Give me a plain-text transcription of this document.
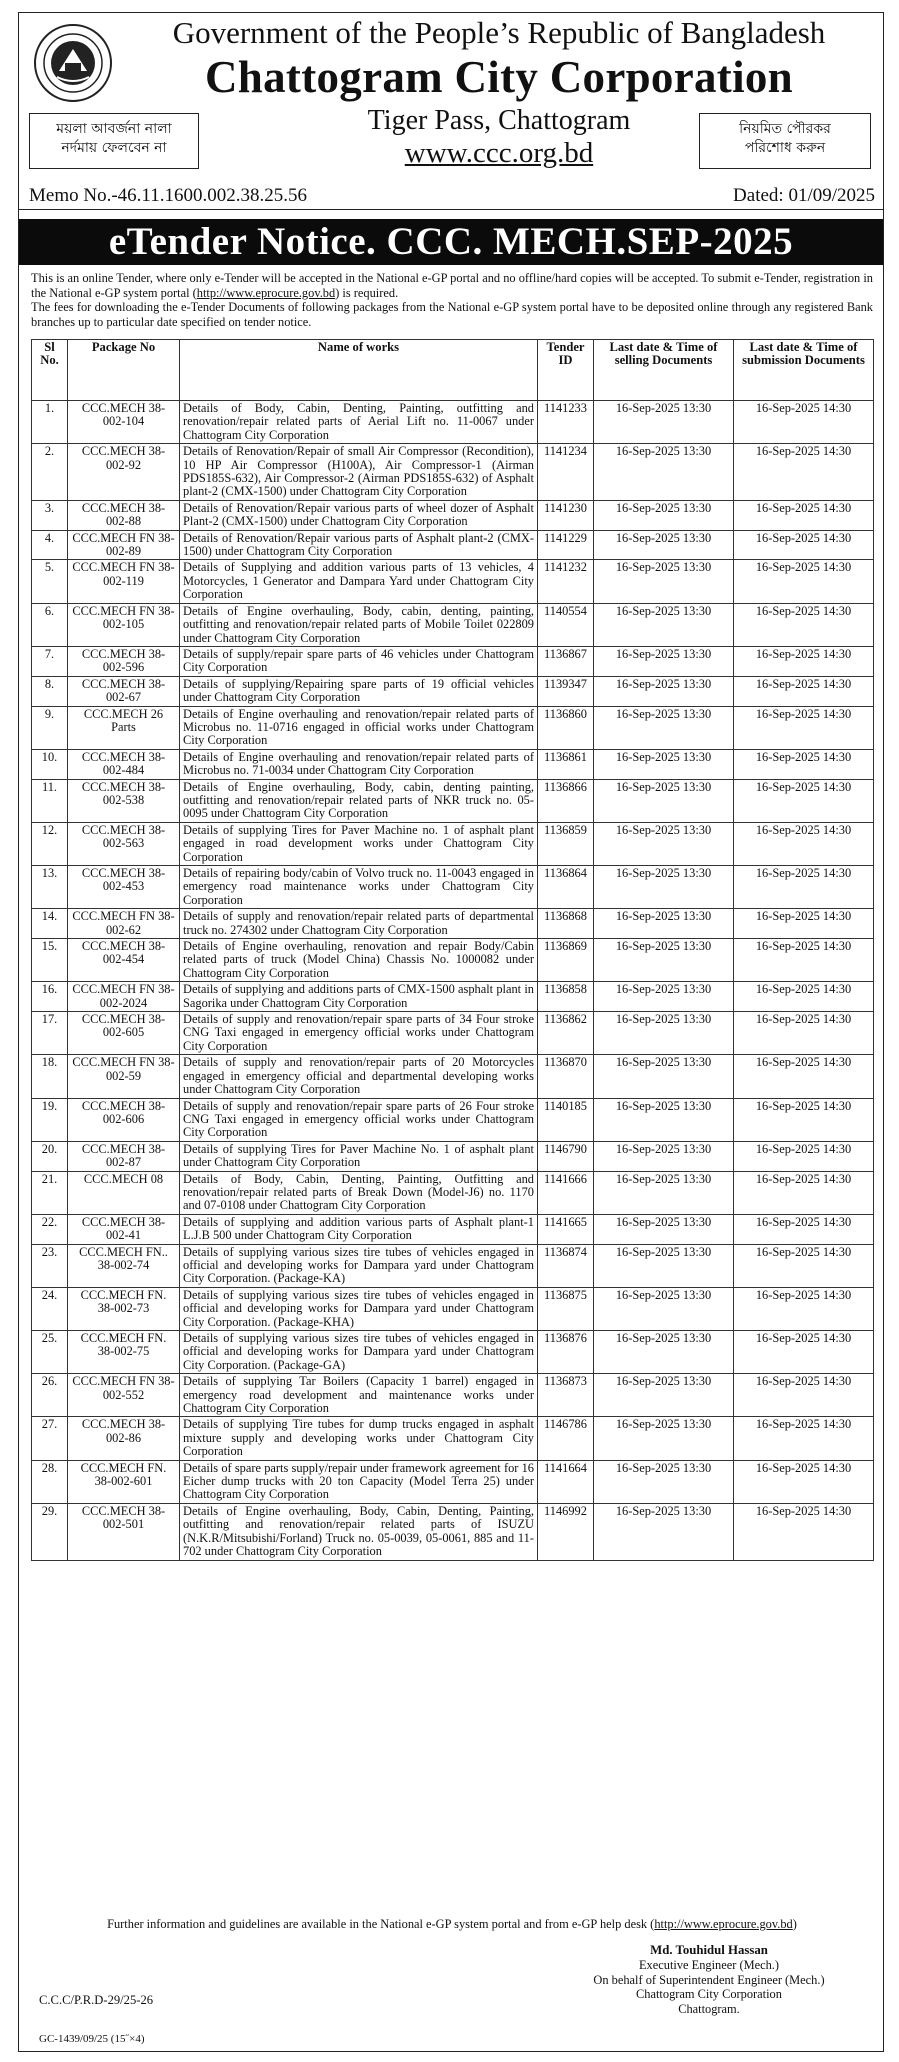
Government of the People’s Republic of Bangladesh
Chattogram City Corporation
Tiger Pass, Chattogram
www.ccc.org.bd
ময়লা আবর্জনা নালা
নর্দমায় ফেলবেন না
নিয়মিত পৌরকর
পরিশোধ করুন
Memo No.-46.11.1600.002.38.25.56	Dated: 01/09/2025
eTender Notice. CCC. MECH.SEP-2025

This is an online Tender, where only e-Tender will be accepted in the National e-GP portal and no offline/hard copies will be accepted. To submit e-Tender, registration in the National e-GP system portal (http://www.eprocure.gov.bd) is required.

The fees for downloading the e-Tender Documents of following packages from the National e-GP system portal have to be deposited online through any registered Bank branches up to particular date specified on tender notice.

Sl No.	Package No	Name of works	Tender ID	Last date & Time of selling Documents	Last date & Time of submission Documents
1.	CCC.MECH 38-002-104	Details of Body, Cabin, Denting, Painting, outfitting and renovation/repair related parts of Aerial Lift no. 11-0067 under Chattogram City Corporation	1141233	16-Sep-2025 13:30	16-Sep-2025 14:30
2.	CCC.MECH 38-002-92	Details of Renovation/Repair of small Air Compressor (Recondition), 10 HP Air Compressor (H100A), Air Compressor-1 (Airman PDS185S-632), Air Compressor-2 (Airman PDS185S-632) of Asphalt plant-2 (CMX-1500) under Chattogram City Corporation	1141234	16-Sep-2025 13:30	16-Sep-2025 14:30
3.	CCC.MECH 38-002-88	Details of Renovation/Repair various parts of wheel dozer of Asphalt Plant-2 (CMX-1500) under Chattogram City Corporation	1141230	16-Sep-2025 13:30	16-Sep-2025 14:30
4.	CCC.MECH FN 38-002-89	Details of Renovation/Repair various parts of Asphalt plant-2 (CMX-1500) under Chattogram City Corporation	1141229	16-Sep-2025 13:30	16-Sep-2025 14:30
5.	CCC.MECH FN 38-002-119	Details of Supplying and addition various parts of 13 vehicles, 4 Motorcycles, 1 Generator and Dampara Yard under Chattogram City Corporation	1141232	16-Sep-2025 13:30	16-Sep-2025 14:30
6.	CCC.MECH FN 38-002-105	Details of Engine overhauling, Body, cabin, denting, painting, outfitting and renovation/repair related parts of Mobile Toilet 022809 under Chattogram City Corporation	1140554	16-Sep-2025 13:30	16-Sep-2025 14:30
7.	CCC.MECH 38-002-596	Details of supply/repair spare parts of 46 vehicles under Chattogram City Corporation	1136867	16-Sep-2025 13:30	16-Sep-2025 14:30
8.	CCC.MECH 38-002-67	Details of supplying/Repairing spare parts of 19 official vehicles under Chattogram City Corporation	1139347	16-Sep-2025 13:30	16-Sep-2025 14:30
9.	CCC.MECH 26 Parts	Details of Engine overhauling and renovation/repair related parts of Microbus no. 11-0716 engaged in official works under Chattogram City Corporation	1136860	16-Sep-2025 13:30	16-Sep-2025 14:30
10.	CCC.MECH 38-002-484	Details of Engine overhauling and renovation/repair related parts of Microbus no. 71-0034 under Chattogram City Corporation	1136861	16-Sep-2025 13:30	16-Sep-2025 14:30
11.	CCC.MECH 38-002-538	Details of Engine overhauling, Body, cabin, denting painting, outfitting and renovation/repair related parts of NKR truck no. 05-0095 under Chattogram City Corporation	1136866	16-Sep-2025 13:30	16-Sep-2025 14:30
12.	CCC.MECH 38-002-563	Details of supplying Tires for Paver Machine no. 1 of asphalt plant engaged in road development works under Chattogram City Corporation	1136859	16-Sep-2025 13:30	16-Sep-2025 14:30
13.	CCC.MECH 38-002-453	Details of repairing body/cabin of Volvo truck no. 11-0043 engaged in emergency road maintenance works under Chattogram City Corporation	1136864	16-Sep-2025 13:30	16-Sep-2025 14:30
14.	CCC.MECH FN 38-002-62	Details of supply and renovation/repair related parts of departmental truck no. 274302 under Chattogram City Corporation	1136868	16-Sep-2025 13:30	16-Sep-2025 14:30
15.	CCC.MECH 38-002-454	Details of Engine overhauling, renovation and repair Body/Cabin related parts of truck (Model China) Chassis No. 1000082 under Chattogram City Corporation	1136869	16-Sep-2025 13:30	16-Sep-2025 14:30
16.	CCC.MECH FN 38-002-2024	Details of supplying and additions parts of CMX-1500 asphalt plant in Sagorika under Chattogram City Corporation	1136858	16-Sep-2025 13:30	16-Sep-2025 14:30
17.	CCC.MECH 38-002-605	Details of supply and renovation/repair spare parts of 34 Four stroke CNG Taxi engaged in emergency official works under Chattogram City Corporation	1136862	16-Sep-2025 13:30	16-Sep-2025 14:30
18.	CCC.MECH FN 38-002-59	Details of supply and renovation/repair parts of 20 Motorcycles engaged in emergency official and departmental developing works under Chattogram City Corporation	1136870	16-Sep-2025 13:30	16-Sep-2025 14:30
19.	CCC.MECH 38-002-606	Details of supply and renovation/repair spare parts of 26 Four stroke CNG Taxi engaged in emergency official works under Chattogram City Corporation	1140185	16-Sep-2025 13:30	16-Sep-2025 14:30
20.	CCC.MECH 38-002-87	Details of supplying Tires for Paver Machine No. 1 of asphalt plant under Chattogram City Corporation	1146790	16-Sep-2025 13:30	16-Sep-2025 14:30
21.	CCC.MECH 08	Details of Body, Cabin, Denting, Painting, Outfitting and renovation/repair related parts of Break Down (Model-J6) no. 1170 and 07-0108 under Chattogram City Corporation	1141666	16-Sep-2025 13:30	16-Sep-2025 14:30
22.	CCC.MECH 38-002-41	Details of supplying and addition various parts of Asphalt plant-1 L.J.B 500 under Chattogram City Corporation	1141665	16-Sep-2025 13:30	16-Sep-2025 14:30
23.	CCC.MECH FN.. 38-002-74	Details of supplying various sizes tire tubes of vehicles engaged in official and developing works for Dampara yard under Chattogram City Corporation. (Package-KA)	1136874	16-Sep-2025 13:30	16-Sep-2025 14:30
24.	CCC.MECH FN. 38-002-73	Details of supplying various sizes tire tubes of vehicles engaged in official and developing works for Dampara yard under Chattogram City Corporation. (Package-KHA)	1136875	16-Sep-2025 13:30	16-Sep-2025 14:30
25.	CCC.MECH FN. 38-002-75	Details of supplying various sizes tire tubes of vehicles engaged in official and developing works for Dampara yard under Chattogram City Corporation. (Package-GA)	1136876	16-Sep-2025 13:30	16-Sep-2025 14:30
26.	CCC.MECH FN 38-002-552	Details of supplying Tar Boilers (Capacity 1 barrel) engaged in emergency road development and maintenance works under Chattogram City Corporation	1136873	16-Sep-2025 13:30	16-Sep-2025 14:30
27.	CCC.MECH 38-002-86	Details of supplying Tire tubes for dump trucks engaged in asphalt mixture supply and developing works under Chattogram City Corporation	1146786	16-Sep-2025 13:30	16-Sep-2025 14:30
28.	CCC.MECH FN. 38-002-601	Details of spare parts supply/repair under framework agreement for 16 Eicher dump trucks with 20 ton Capacity (Model Terra 25) under Chattogram City Corporation	1141664	16-Sep-2025 13:30	16-Sep-2025 14:30
29.	CCC.MECH 38-002-501	Details of Engine overhauling, Body, Cabin, Denting, Painting, outfitting and renovation/repair related parts of ISUZU (N.K.R/Mitsubishi/Forland) Truck no. 05-0039, 05-0061, 885 and 11-702 under Chattogram City Corporation	1146992	16-Sep-2025 13:30	16-Sep-2025 14:30
Further information and guidelines are available in the National e-GP system portal and from e-GP help desk (http://www.eprocure.gov.bd)
Md. Touhidul Hassan
Executive Engineer (Mech.)
On behalf of Superintendent Engineer (Mech.)
Chattogram City Corporation
Chattogram.
C.C.C/P.R.D-29/25-26
GC-1439/09/25 (15˝×4)
